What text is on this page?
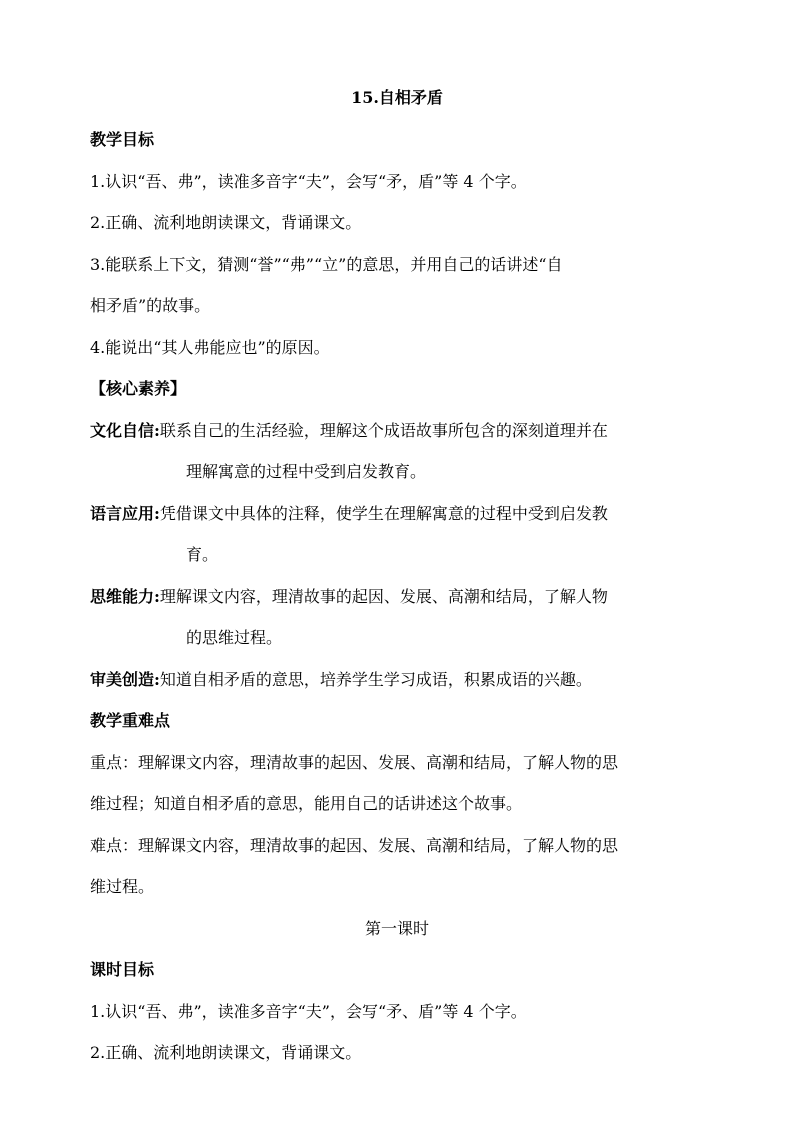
15.自相矛盾
教学目标
1.认识“吾、弗”，读准多音字“夫”，会写“矛，盾”等 4 个字。
2.正确、流利地朗读课文，背诵课文。
3.能联系上下文，猜测“誉”“弗”“立”的意思，并用自己的话讲述“自
相矛盾”的故事。
4.能说出“其人弗能应也”的原因。
【核心素养】
文化自信: 联系自己的生活经验，理解这个成语故事所包含的深刻道理并在
理解寓意的过程中受到启发教育。
语言应用: 凭借课文中具体的注释，使学生在理解寓意的过程中受到启发教
育。
思维能力: 理解课文内容，理清故事的起因、发展、高潮和结局，了解人物
的思维过程。
审美创造: 知道自相矛盾的意思，培养学生学习成语，积累成语的兴趣。
教学重难点
重点：理解课文内容，理清故事的起因、发展、高潮和结局，了解人物的思
维过程；知道自相矛盾的意思，能用自己的话讲述这个故事。
难点：理解课文内容，理清故事的起因、发展、高潮和结局，了解人物的思
维过程。
第一课时
课时目标
1.认识“吾、弗”，读准多音字“夫”，会写“矛、盾”等 4 个字。
2.正确、流利地朗读课文，背诵课文。
